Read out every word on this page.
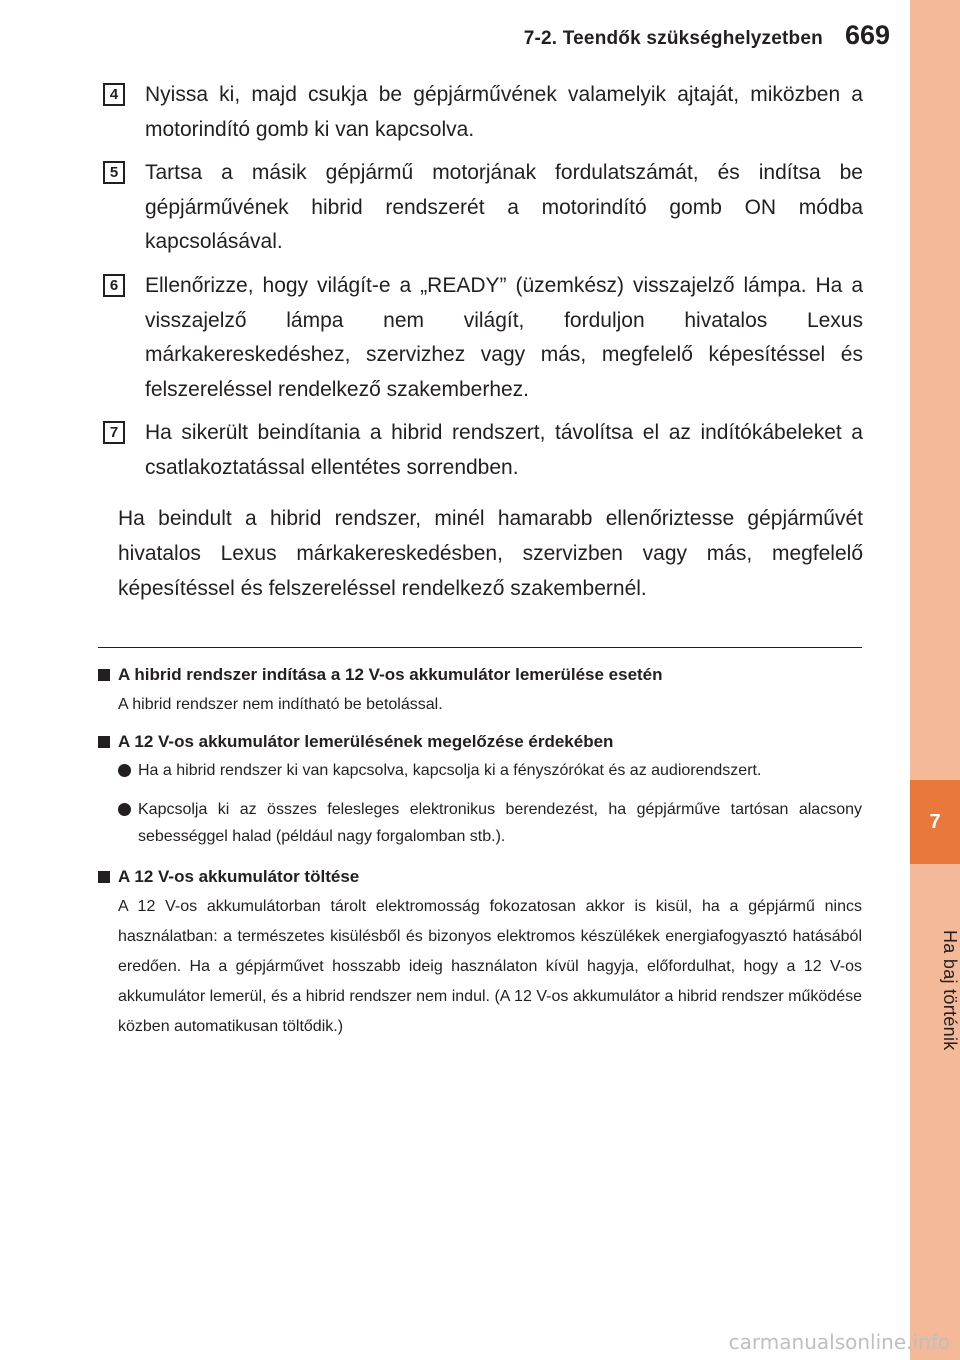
7-2. Teendők szükséghelyzetben 669
7
Ha baj történik
4	Nyissa ki, majd csukja be gépjárművének valamelyik ajtaját, miközben a motorindító gomb ki van kapcsolva.
5	Tartsa a másik gépjármű motorjának fordulatszámát, és indítsa be gépjárművének hibrid rendszerét a motorindító gomb ON módba kapcsolásával.
6	Ellenőrizze, hogy világít-e a „READY” (üzemkész) visszajelző lámpa. Ha a visszajelző lámpa nem világít, forduljon hivatalos Lexus márkakereskedéshez, szervizhez vagy más, megfelelő képesítéssel és felszereléssel rendelkező szakemberhez.
7	Ha sikerült beindítania a hibrid rendszert, távolítsa el az indítókábeleket a csatlakoztatással ellentétes sorrendben.
Ha beindult a hibrid rendszer, minél hamarabb ellenőriztesse gépjárművét hivatalos Lexus márkakereskedésben, szervizben vagy más, megfelelő képesítéssel és felszereléssel rendelkező szakembernél.
A hibrid rendszer indítása a 12 V-os akkumulátor lemerülése esetén
A hibrid rendszer nem indítható be betolással.
A 12 V-os akkumulátor lemerülésének megelőzése érdekében
Ha a hibrid rendszer ki van kapcsolva, kapcsolja ki a fényszórókat és az audiorendszert.
Kapcsolja ki az összes felesleges elektronikus berendezést, ha gépjárműve tartósan alacsony sebességgel halad (például nagy forgalomban stb.).
A 12 V-os akkumulátor töltése
A 12 V-os akkumulátorban tárolt elektromosság fokozatosan akkor is kisül, ha a gépjármű nincs használatban: a természetes kisülésből és bizonyos elektromos készülékek energiafogyasztó hatásából eredően. Ha a gépjárművet hosszabb ideig használaton kívül hagyja, előfordulhat, hogy a 12 V-os akkumulátor lemerül, és a hibrid rendszer nem indul. (A 12 V-os akkumulátor a hibrid rendszer működése közben automatikusan töltődik.)
carmanualsonline.info
